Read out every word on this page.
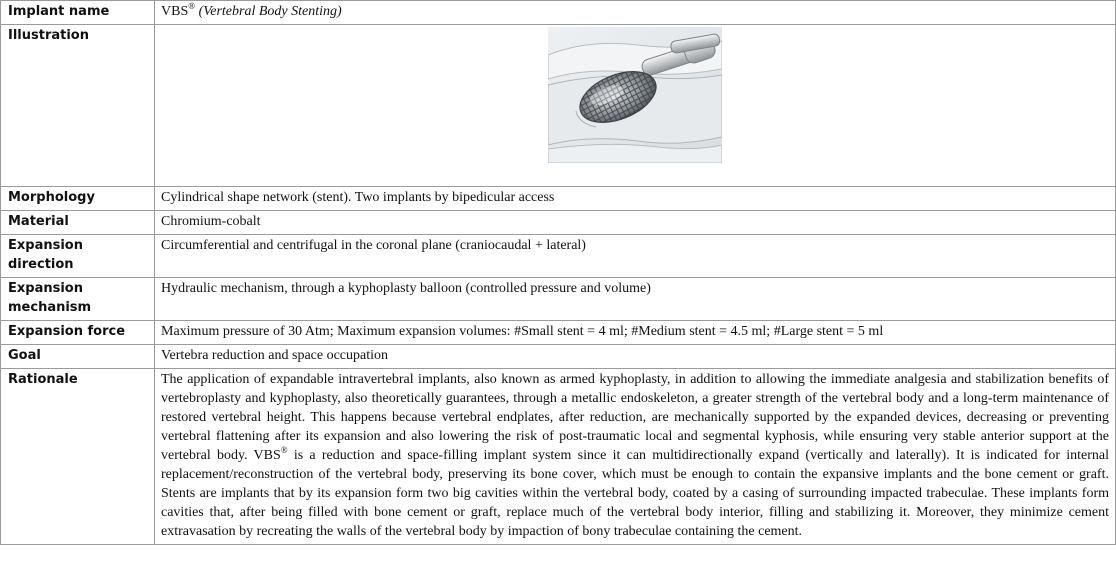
Implant name	VBS® (Vertebral Body Stenting)
Illustration	

Morphology	Cylindrical shape network (stent). Two implants by bipedicular access
Material	Chromium-cobalt
Expansion direction	Circumferential and centrifugal in the coronal plane (craniocaudal + lateral)
Expansion mechanism	Hydraulic mechanism, through a kyphoplasty balloon (controlled pressure and volume)
Expansion force	Maximum pressure of 30 Atm; Maximum expansion volumes: #Small stent = 4 ml; #Medium stent = 4.5 ml; #Large stent = 5 ml
Goal	Vertebra reduction and space occupation
Rationale	The application of expandable intravertebral implants, also known as armed kyphoplasty, in addition to allowing the immediate analgesia and stabilization benefits of vertebroplasty and kyphoplasty, also theoretically guarantees, through a metallic endoskeleton, a greater strength of the vertebral body and a long-term maintenance of restored vertebral height. This happens because vertebral endplates, after reduction, are mechanically supported by the expanded devices, decreasing or preventing vertebral flattening after its expansion and also lowering the risk of post-traumatic local and segmental kyphosis, while ensuring very stable anterior support at the vertebral body. VBS® is a reduction and space-filling implant system since it can multidirectionally expand (vertically and laterally). It is indicated for internal replacement/reconstruction of the vertebral body, preserving its bone cover, which must be enough to contain the expansive implants and the bone cement or graft. Stents are implants that by its expansion form two big cavities within the vertebral body, coated by a casing of surrounding impacted trabeculae. These implants form cavities that, after being filled with bone cement or graft, replace much of the vertebral body interior, filling and stabilizing it. Moreover, they minimize cement extravasation by recreating the walls of the vertebral body by impaction of bony trabeculae containing the cement.
